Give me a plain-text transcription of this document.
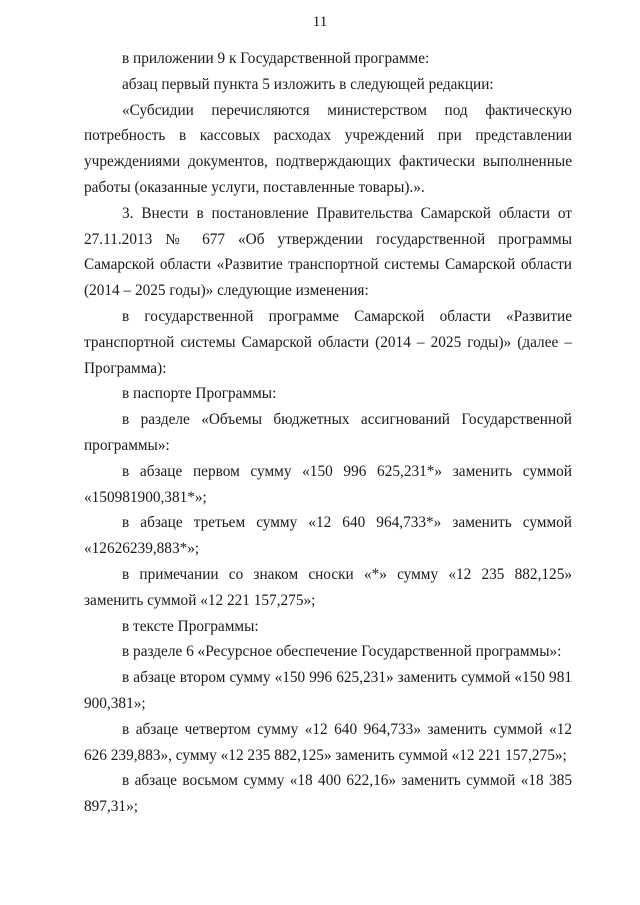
11

в приложении 9 к Государственной программе:

абзац первый пункта 5 изложить в следующей редакции:

«Субсидии перечисляются министерством под фактическую потребность в кассовых расходах учреждений при представлении учреждениями документов, подтверждающих фактически выполненные работы (оказанные услуги, поставленные товары).».

3. Внести в постановление Правительства Самарской области от 27.11.2013 № 677 «Об утверждении государственной программы Самарской области «Развитие транспортной системы Самарской области (2014 – 2025 годы)» следующие изменения:

в государственной программе Самарской области «Развитие транспортной системы Самарской области (2014 – 2025 годы)» (далее – Программа):

в паспорте Программы:

в разделе «Объемы бюджетных ассигнований Государственной программы»:

в абзаце первом сумму «150 996 625,231*» заменить суммой «150981900,381*»;

в абзаце третьем сумму «12 640 964,733*» заменить суммой «12626239,883*»;

в примечании со знаком сноски «*» сумму «12 235 882,125» заменить суммой «12 221 157,275»;

в тексте Программы:

в разделе 6 «Ресурсное обеспечение Государственной программы»:

в абзаце втором сумму «150 996 625,231» заменить суммой «150 981 900,381»;

в абзаце четвертом сумму «12 640 964,733» заменить суммой «12 626 239,883», сумму «12 235 882,125» заменить суммой «12 221 157,275»;

в абзаце восьмом сумму «18 400 622,16» заменить суммой «18 385 897,31»;
